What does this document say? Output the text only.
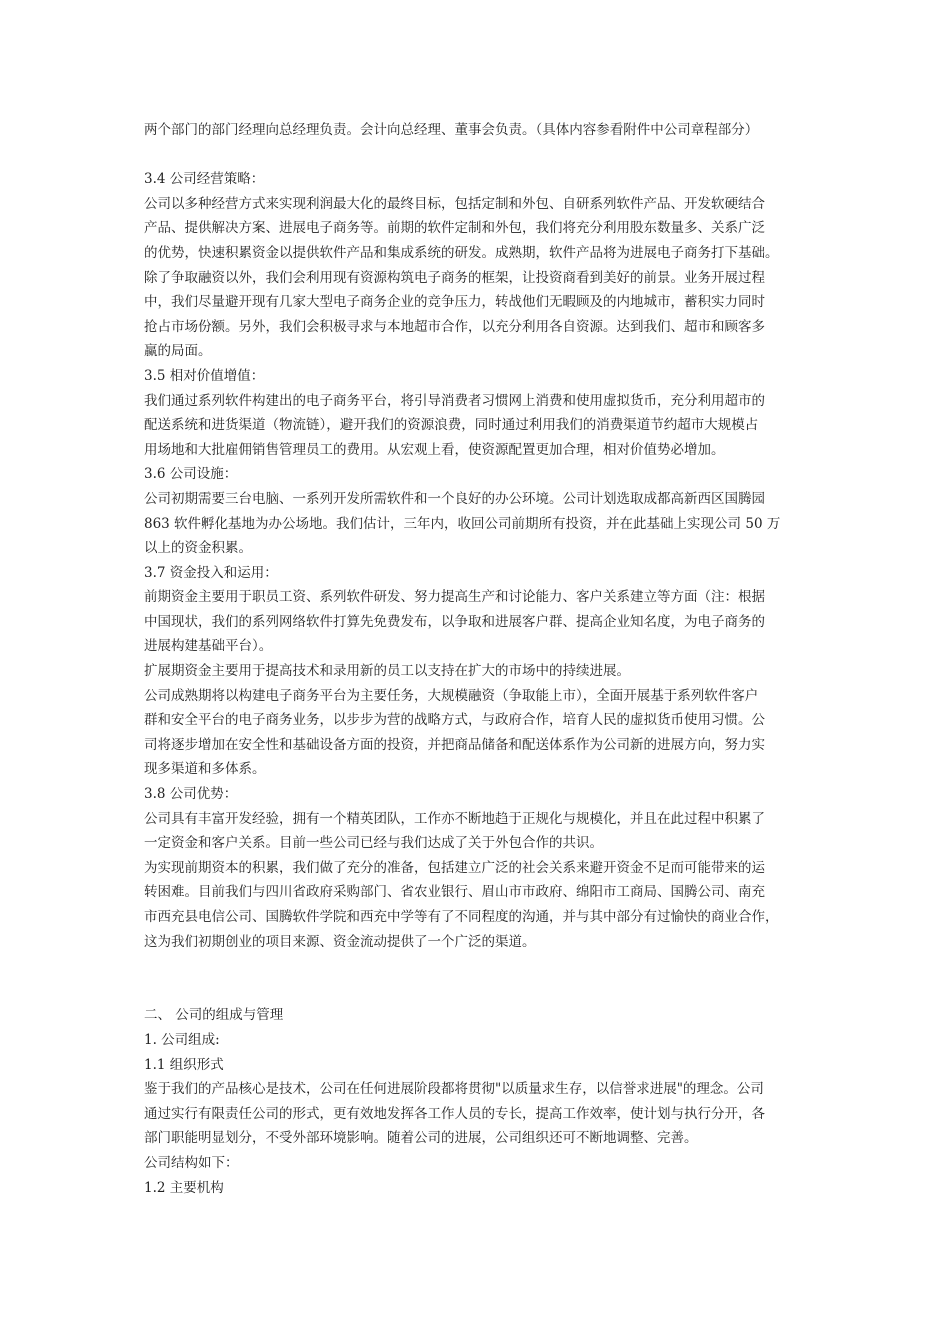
两个部门的部门经理向总经理负责。会计向总经理、董事会负责。（具体内容参看附件中公司章程部分）
3.4 公司经营策略：
公司以多种经营方式来实现利润最大化的最终目标，包括定制和外包、自研系列软件产品、开发软硬结合
产品、提供解决方案、进展电子商务等。前期的软件定制和外包，我们将充分利用股东数量多、关系广泛
的优势，快速积累资金以提供软件产品和集成系统的研发。成熟期，软件产品将为进展电子商务打下基础。
除了争取融资以外，我们会利用现有资源构筑电子商务的框架，让投资商看到美好的前景。业务开展过程
中，我们尽量避开现有几家大型电子商务企业的竞争压力，转战他们无暇顾及的内地城市，蓄积实力同时
抢占市场份额。另外，我们会积极寻求与本地超市合作，以充分利用各自资源。达到我们、超市和顾客多
赢的局面。
3.5 相对价值增值：
我们通过系列软件构建出的电子商务平台，将引导消费者习惯网上消费和使用虚拟货币，充分利用超市的
配送系统和进货渠道（物流链），避开我们的资源浪费，同时通过利用我们的消费渠道节约超市大规模占
用场地和大批雇佣销售管理员工的费用。从宏观上看，使资源配置更加合理，相对价值势必增加。
3.6 公司设施：
公司初期需要三台电脑、一系列开发所需软件和一个良好的办公环境。公司计划选取成都高新西区国腾园
863 软件孵化基地为办公场地。我们估计，三年内，收回公司前期所有投资，并在此基础上实现公司 50 万
以上的资金积累。
3.7 资金投入和运用：
前期资金主要用于职员工资、系列软件研发、努力提高生产和讨论能力、客户关系建立等方面（注：根据
中国现状，我们的系列网络软件打算先免费发布，以争取和进展客户群、提高企业知名度，为电子商务的
进展构建基础平台）。
扩展期资金主要用于提高技术和录用新的员工以支持在扩大的市场中的持续进展。
公司成熟期将以构建电子商务平台为主要任务，大规模融资（争取能上市），全面开展基于系列软件客户
群和安全平台的电子商务业务，以步步为营的战略方式，与政府合作，培育人民的虚拟货币使用习惯。公
司将逐步增加在安全性和基础设备方面的投资，并把商品储备和配送体系作为公司新的进展方向，努力实
现多渠道和多体系。
3.8 公司优势：
公司具有丰富开发经验，拥有一个精英团队，工作亦不断地趋于正规化与规模化，并且在此过程中积累了
一定资金和客户关系。目前一些公司已经与我们达成了关于外包合作的共识。
为实现前期资本的积累，我们做了充分的准备，包括建立广泛的社会关系来避开资金不足而可能带来的运
转困难。目前我们与四川省政府采购部门、省农业银行、眉山市市政府、绵阳市工商局、国腾公司、南充
市西充县电信公司、国腾软件学院和西充中学等有了不同程度的沟通，并与其中部分有过愉快的商业合作，
这为我们初期创业的项目来源、资金流动提供了一个广泛的渠道。
二、 公司的组成与管理
1. 公司组成:
1.1 组织形式
鉴于我们的产品核心是技术，公司在任何进展阶段都将贯彻"以质量求生存，以信誉求进展"的理念。公司
通过实行有限责任公司的形式，更有效地发挥各工作人员的专长，提高工作效率，使计划与执行分开，各
部门职能明显划分，不受外部环境影响。随着公司的进展，公司组织还可不断地调整、完善。
公司结构如下：
1.2 主要机构
